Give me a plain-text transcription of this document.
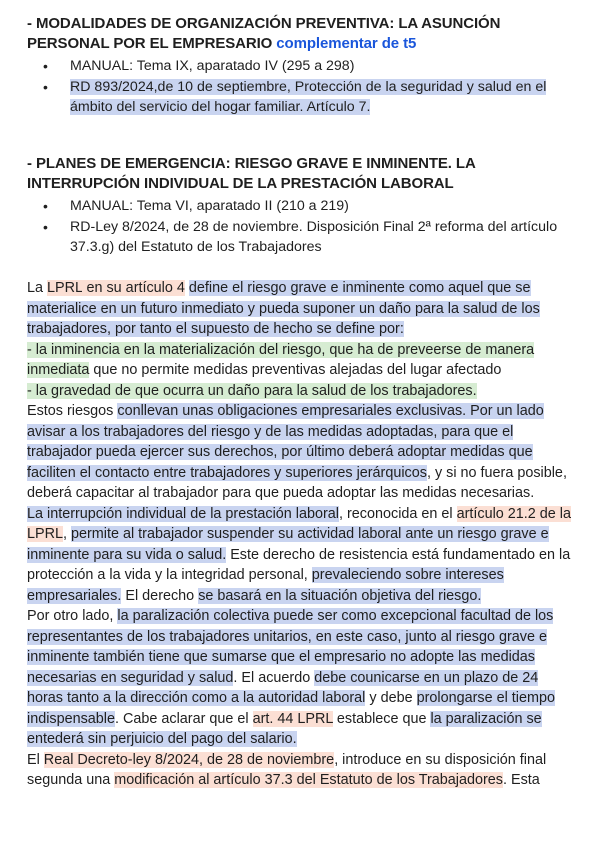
- MODALIDADES DE ORGANIZACIÓN PREVENTIVA: LA ASUNCIÓN PERSONAL POR EL EMPRESARIO complementar de t5
• MANUAL: Tema IX, aparatado IV (295 a 298)
• RD 893/2024,de 10 de septiembre, Protección de la seguridad y salud en el ámbito del servicio del hogar familiar. Artículo 7.
- PLANES DE EMERGENCIA: RIESGO GRAVE E INMINENTE. LA INTERRUPCIÓN INDIVIDUAL DE LA PRESTACIÓN LABORAL
• MANUAL: Tema VI, aparatado II (210 a 219)
• RD-Ley 8/2024, de 28 de noviembre. Disposición Final 2ª reforma del artículo 37.3.g) del Estatuto de los Trabajadores

La LPRL en su artículo 4 define el riesgo grave e inminente como aquel que se materialice en un futuro inmediato y pueda suponer un daño para la salud de los trabajadores, por tanto el supuesto de hecho se define por:

- la inminencia en la materialización del riesgo, que ha de preveerse de manera inmediata que no permite medidas preventivas alejadas del lugar afectado

- la gravedad de que ocurra un daño para la salud de los trabajadores.

Estos riesgos conllevan unas obligaciones empresariales exclusivas. Por un lado avisar a los trabajadores del riesgo y de las medidas adoptadas, para que el trabajador pueda ejercer sus derechos, por último deberá adoptar medidas que faciliten el contacto entre trabajadores y superiores jerárquicos, y si no fuera posible, deberá capacitar al trabajador para que pueda adoptar las medidas necesarias.

La interrupción individual de la prestación laboral, reconocida en el artículo 21.2 de la LPRL, permite al trabajador suspender su actividad laboral ante un riesgo grave e inminente para su vida o salud. Este derecho de resistencia está fundamentado en la protección a la vida y la integridad personal, prevaleciendo sobre intereses empresariales. El derecho se basará en la situación objetiva del riesgo.

Por otro lado, la paralización colectiva puede ser como excepcional facultad de los representantes de los trabajadores unitarios, en este caso, junto al riesgo grave e inminente también tiene que sumarse que el empresario no adopte las medidas necesarias en seguridad y salud. El acuerdo debe counicarse en un plazo de 24 horas tanto a la dirección como a la autoridad laboral y debe prolongarse el tiempo indispensable. Cabe aclarar que el art. 44 LPRL establece que la paralización se entederá sin perjuicio del pago del salario.

El Real Decreto-ley 8/2024, de 28 de noviembre, introduce en su disposición final segunda una modificación al artículo 37.3 del Estatuto de los Trabajadores. Esta
